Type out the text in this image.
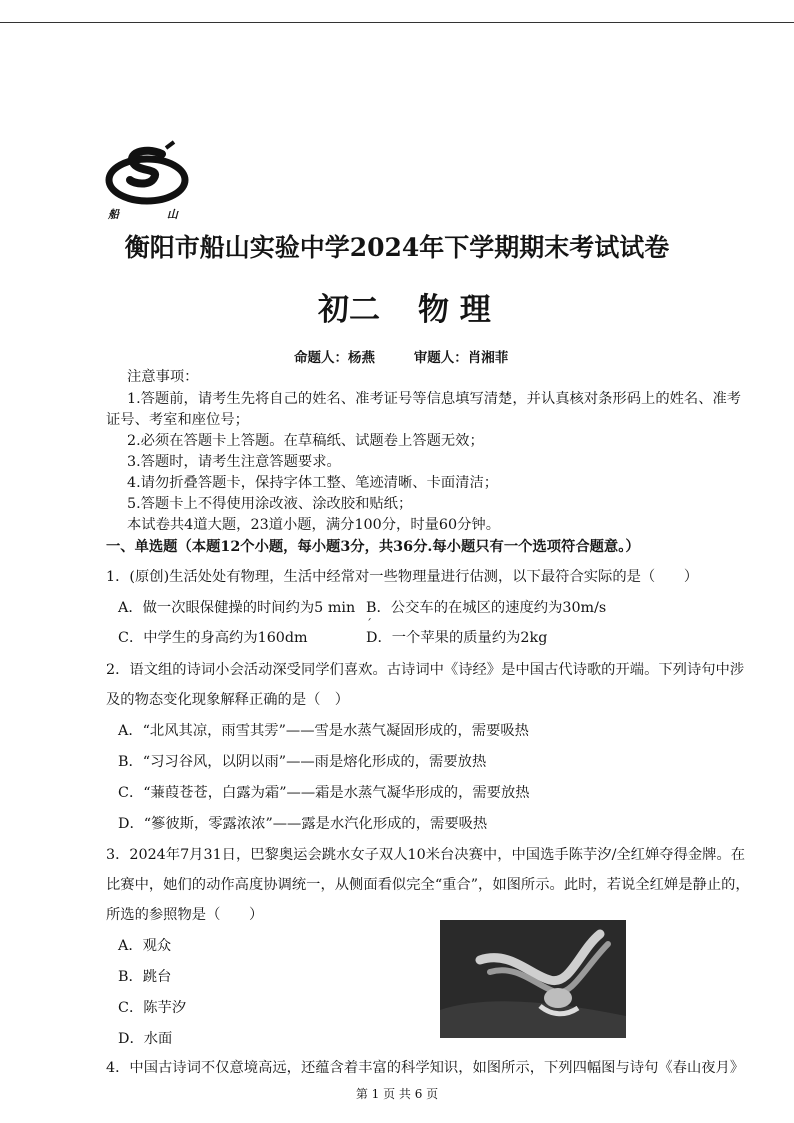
船 山
衡阳市船山实验中学2024年下学期期末考试试卷
初二 物 理
命题人：杨燕	审题人：肖湘菲
注意事项：
1.答题前，请考生先将自己的姓名、准考证号等信息填写清楚，并认真核对条形码上的姓名、准考
证号、考室和座位号；
2.必须在答题卡上答题。在草稿纸、试题卷上答题无效；
3.答题时，请考生注意答题要求。
4.请勿折叠答题卡，保持字体工整、笔迹清晰、卡面清洁；
5.答题卡上不得使用涂改液、涂改胶和贴纸；
本试卷共4道大题，23道小题，满分100分，时量60分钟。
一、单选题（本题12个小题，每小题3分，共36分.每小题只有一个选项符合题意。）
1．(原创)生活处处有物理，生活中经常对一些物理量进行估测，以下最符合实际的是（　　）
A．做一次眼保健操的时间约为5 min B．公交车的在城区的速度约为30m/s
C．中学生的身高约为160dm	D．一个苹果的质量约为2kg
ˊ
2．语文组的诗词小会活动深受同学们喜欢。古诗词中《诗经》是中国古代诗歌的开端。下列诗句中涉
及的物态变化现象解释正确的是（　）
A．“北风其凉，雨雪其雱”——雪是水蒸气凝固形成的，需要吸热
B．“习习谷风，以阴以雨”——雨是熔化形成的，需要放热
C．“蒹葭苍苍，白露为霜”——霜是水蒸气凝华形成的，需要放热
D．“篸彼斯，零露浓浓”——露是水汽化形成的，需要吸热
3．2024年7月31日，巴黎奥运会跳水女子双人10米台决赛中，中国选手陈芋汐/全红婵夺得金牌。在
比赛中，她们的动作高度协调统一，从侧面看似完全“重合”，如图所示。此时，若说全红婵是静止的，
所选的参照物是（　　）
A．观众
B．跳台
C．陈芋汐
D．水面
4．中国古诗词不仅意境高远，还蕴含着丰富的科学知识，如图所示，下列四幅图与诗句《春山夜月》
第 1 页 共 6 页
